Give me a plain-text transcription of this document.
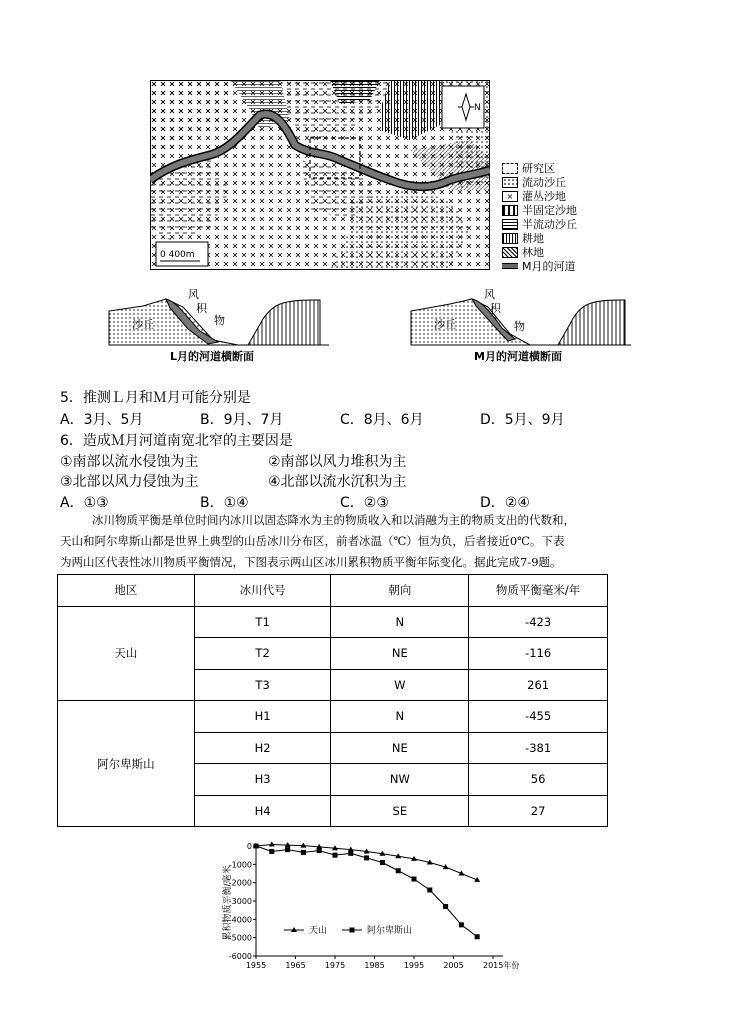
N
0 400m
研究区
流动沙丘
× 灌丛沙地
半固定沙地
半流动沙丘
耕地
林地
M月的河道
沙丘
风
积
物
L月的河道横断面
沙丘
风
积
物
M月的河道横断面
5．推测Ｌ月和Ｍ月可能分别是
A．3月、5月	B．9月、7月	C．8月、6月	D．5月、9月
6．造成Ｍ月河道南宽北窄的主要因是
①南部以流水侵蚀为主	②南部以风力堆积为主
③北部以风力侵蚀为主	④北部以流水沉积为主
A．①③	B．①④	C．②③	D．②④
冰川物质平衡是单位时间内冰川以固态降水为主的物质收入和以消融为主的物质支出的代数和，
天山和阿尔卑斯山都是世界上典型的山岳冰川分布区，前者冰温（℃）恒为负，后者接近0℃。下表
为两山区代表性冰川物质平衡情况，下图表示两山区冰川累积物质平衡年际变化。据此完成7-9题。
地区	冰川代号	朝向	物质平衡毫米/年
天山	T1	N	-423
	T2	NE	-116
	T3	W	261
阿尔卑斯山	H1	N	-455
	H2	NE	-381
	H3	NW	56
	H4	SE	27
累积物质平衡/毫米
0
-1000
-2000
-3000
-4000
-5000
-6000
1955 1965 1975 1985 1995 2005 2015年份
天山	阿尔卑斯山
